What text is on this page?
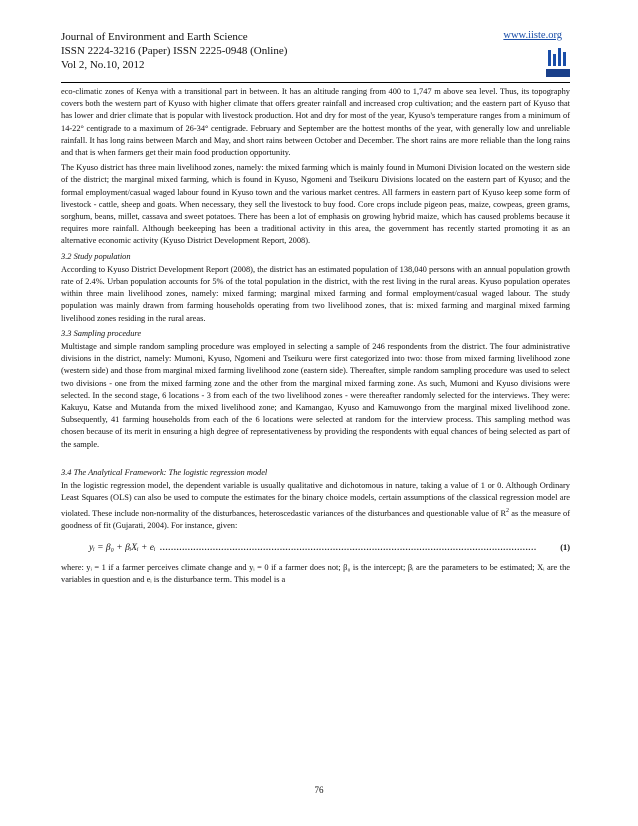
Journal of Environment and Earth Science
ISSN 2224-3216 (Paper) ISSN 2225-0948 (Online)
Vol 2, No.10, 2012
www.iiste.org

eco-climatic zones of Kenya with a transitional part in between. It has an altitude ranging from 400 to 1,747 m above sea level. Thus, its topography covers both the western part of Kyuso with higher climate that offers greater rainfall and increased crop cultivation; and the eastern part of Kyuso that has lower and drier climate that is popular with livestock production. Hot and dry for most of the year, Kyuso's temperature ranges from a minimum of 14-22° centigrade to a maximum of 26-34° centigrade. February and September are the hottest months of the year, with generally low and unreliable rainfall. It has long rains between March and May, and short rains between October and December. The short rains are more reliable than the long rains and that is when farmers get their main food production opportunity.

The Kyuso district has three main livelihood zones, namely: the mixed farming which is mainly found in Mumoni Division located on the western side of the district; the marginal mixed farming, which is found in Kyuso, Ngomeni and Tseikuru Divisions located on the eastern part of Kyuso; and the formal employment/casual waged labour found in Kyuso town and the various market centres. All farmers in eastern part of Kyuso keep some form of livestock - cattle, sheep and goats. When necessary, they sell the livestock to buy food. Core crops include pigeon peas, maize, cowpeas, green grams, sorghum, beans, millet, cassava and sweet potatoes. There has been a lot of emphasis on growing hybrid maize, which has caused problems because it requires more rainfall. Although beekeeping has been a traditional activity in this area, the government has recently started promoting it as an alternative economic activity (Kyuso District Development Report, 2008).

3.2 Study population

According to Kyuso District Development Report (2008), the district has an estimated population of 138,040 persons with an annual population growth rate of 2.4%. Urban population accounts for 5% of the total population in the district, with the rest living in the rural areas. Kyuso population operates within three main livelihood zones, namely: mixed farming; marginal mixed farming and formal employment/casual waged labour. The study population was mainly drawn from farming households operating from two livelihood zones, that is: mixed farming and marginal mixed farming livelihood zones residing in the rural areas.

3.3 Sampling procedure

Multistage and simple random sampling procedure was employed in selecting a sample of 246 respondents from the district. The four administrative divisions in the district, namely: Mumoni, Kyuso, Ngomeni and Tseikuru were first categorized into two: those from mixed farming livelihood zone (western side) and those from marginal mixed farming livelihood zone (eastern side). Thereafter, simple random sampling procedure was used to select two divisions - one from the mixed farming zone and the other from the marginal mixed farming zone. As such, Mumoni and Kyuso divisions were selected. In the second stage, 6 locations - 3 from each of the two livelihood zones - were thereafter randomly selected for the interviews. They were: Kakuyu, Katse and Mutanda from the mixed livelihood zone; and Kamangao, Kyuso and Kamuwongo from the marginal mixed livelihood zone. Subsequently, 41 farming households from each of the 6 locations were selected at random for the interview process. This sampling method was chosen because of its merit in ensuring a high degree of representativeness by providing the respondents with equal chances of being selected as part of the sample.

3.4 The Analytical Framework: The logistic regression model

In the logistic regression model, the dependent variable is usually qualitative and dichotomous in nature, taking a value of 1 or 0. Although Ordinary Least Squares (OLS) can also be used to compute the estimates for the binary choice models, certain assumptions of the classical regression model are violated. These include non-normality of the disturbances, heteroscedastic variances of the disturbances and questionable value of $R^2$ as the measure of goodness of fit (Gujarati, 2004). For instance, given:

yᵢ = β₀ + βᵢXᵢ + eᵢ ………………………………………………………………………………………………………………………	(1)

where: yᵢ = 1 if a farmer perceives climate change and yᵢ = 0 if a farmer does not; β₀ is the intercept; βᵢ are the parameters to be estimated; Xᵢ are the variables in question and eᵢ is the disturbance term. This model is a

76
